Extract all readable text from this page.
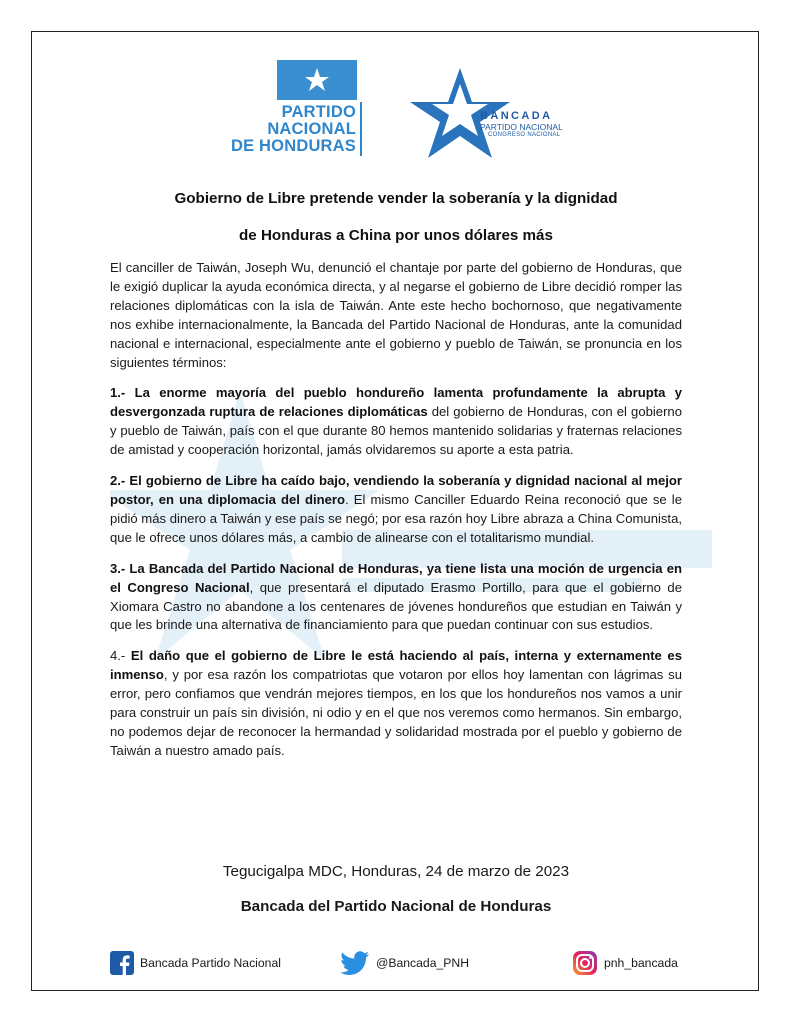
PARTIDO
NACIONAL
DE HONDURAS
BANCADA
PARTIDO NACIONAL
CONGRESO NACIONAL
Gobierno de Libre pretende vender la soberanía y la dignidad
de Honduras a China por unos dólares más

El canciller de Taiwán, Joseph Wu, denunció el chantaje por parte del gobierno de Honduras, que le exigió duplicar la ayuda económica directa, y al negarse el gobierno de Libre decidió romper las relaciones diplomáticas con la isla de Taiwán. Ante este hecho bochornoso, que negativamente nos exhibe internacionalmente, la Bancada del Partido Nacional de Honduras, ante la comunidad nacional e internacional, especialmente ante el gobierno y pueblo de Taiwán, se pronuncia en los siguientes términos:

1.- La enorme mayoría del pueblo hondureño lamenta profundamente la abrupta y desvergonzada ruptura de relaciones diplomáticas del gobierno de Honduras, con el gobierno y pueblo de Taiwán, país con el que durante 80 hemos mantenido solidarias y fraternas relaciones de amistad y cooperación horizontal, jamás olvidaremos su aporte a esta patria.

2.- El gobierno de Libre ha caído bajo, vendiendo la soberanía y dignidad nacional al mejor postor, en una diplomacia del dinero. El mismo Canciller Eduardo Reina reconoció que se le pidió más dinero a Taiwán y ese país se negó; por esa razón hoy Libre abraza a China Comunista, que le ofrece unos dólares más, a cambio de alinearse con el totalitarismo mundial.

3.- La Bancada del Partido Nacional de Honduras, ya tiene lista una moción de urgencia en el Congreso Nacional, que presentará el diputado Erasmo Portillo, para que el gobierno de Xiomara Castro no abandone a los centenares de jóvenes hondureños que estudian en Taiwán y que les brinde una alternativa de financiamiento para que puedan continuar con sus estudios.

4.- El daño que el gobierno de Libre le está haciendo al país, interna y externamente es inmenso, y por esa razón los compatriotas que votaron por ellos hoy lamentan con lágrimas su error, pero confiamos que vendrán mejores tiempos, en los que los hondureños nos vamos a unir para construir un país sin división, ni odio y en el que nos veremos como hermanos. Sin embargo, no podemos dejar de reconocer la hermandad y solidaridad mostrada por el pueblo y gobierno de Taiwán a nuestro amado país.

Tegucigalpa MDC, Honduras, 24 de marzo de 2023
Bancada del Partido Nacional de Honduras
Bancada Partido Nacional	@Bancada_PNH	pnh_bancada
